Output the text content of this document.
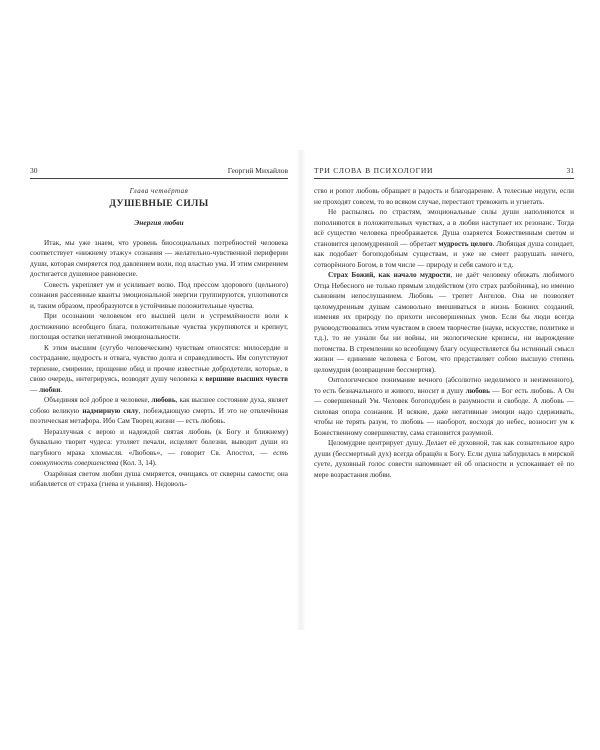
30	Георгий Михайлов
Глава четвёртая
ДУШЕВНЫЕ СИЛЫ
Энергия любви

Итак, мы уже знаем, что уровень биосоциальных потребностей человека соответствует «нижнему этажу» сознания — желательно-чувственной периферии души, которая смиряется под давлением воли, под властью ума. И этим смирением достигается душевное равновесие.

Совесть укрепляет ум и усиливает волю. Под прессом здорового (цельного) сознания рассеянные кванты эмоциональной энергии группируются, уплотняются и, таким образом, преобразуются в устойчивые положительные чувства.

При осознании человеком его высшей цели и устремлённости воли к достижению всеобщего блага, положительные чувства укрупняются и крепнут, поглощая остатки негативной эмоциональности.

К этим высшим (сугубо человеческим) чувствам относятся: милосердие и сострадание, щедрость и отвага, чувство долга и справедливость. Им сопутствуют терпение, смирение, прощение обид и прочие известные добродетели, которые, в свою очередь, интегрируясь, возводят душу человека к вершине высших чувств — любви.

Объединяя всё доброе в человеке, любовь, как высшее состояние духа, являет собою великую надмирную силу, побеждающую смерть. И это не отвлечённая поэтическая метафора. Ибо Сам Творец жизни — есть любовь.

Неразлучная с верою и надеждой святая любовь (к Богу и ближнему) буквально творит чудеса: утоляет печали, исцеляет болезни, выводит души из пагубного мрака хломысля. «Любовь», — говорит Св. Апостол, — есть совокупность совершенства (Кол. 3, 14).

Озарённая светом любви душа смиряется, очищаясь от скверны самости; она избавляется от страха (гнева и уныния). Недоволь-

ТРИ СЛОВА В ПСИХОЛОГИИ	31

ство и ропот любовь обращает в радость и благодарение. А телесные недуги, если не проходят совсем, то во всяком случае, перестают тревожить и угнетать.

Не распылясь по страстям, эмоциональные силы души наполняются и пополняются в положительных чувствах, а в любви наступает их резонанс. Тогда всё существо человека преображается. Душа озаряется Божественным светом и становится целомудренной — обретает мудрость целого. Любящая душа созидает, как подобает богоподобным существам, и уже не смеет разрушать ничего, сотворённого Богом, в том числе — природу и себя самого и т.д.

Страх Божий, как начало мудрости, не даёт человеку обижать любимого Отца Небесного не только прямым злодейством (это страх разбойника), но именно сыновним непослушанием. Любовь — трепет Ангелов. Она не позволяет целомудренным душам самовольно вмешиваться в жизнь Божиих созданий, изменяя их природу по прихоти несовершенных умов. Если бы люди всегда руководствовались этим чувством в своем творчестве (науке, искусстве, политике и т.д.), то не узнали бы ни войны, ни экологические кризисы, ни вырождение потомства. В стремлении ко всеобщему благу осуществляется бы истинный смысл жизни — единение человека с Богом, что представляет собою высшую степень целомудрия (возвращение бессмертия).

Онтологическое понимание вечного (абсолютно неделимого и неизменного), то есть безначального и живого, вносит в душу любовь — Бог есть любовь. А Он — совершенный Ум. Человек богоподобен в разумности и свободе. А любовь — силовая опора сознания. И всякие, даже негативные эмоции надо сдерживать, чтобы не терять разум, то любовь — наоборот, восходя до небес, возносит ум к Божественному совершенству, сама становится разумной.

Целомудрие центрирует душу. Делает её духовной, так как сознательное ядро души (бессмертный дух) всегда обращён к Богу. Если душа заблудилась в мирской суете, духовный голос совести напоминает ей об опасности и успокаивает её по мере возрастания любви.
